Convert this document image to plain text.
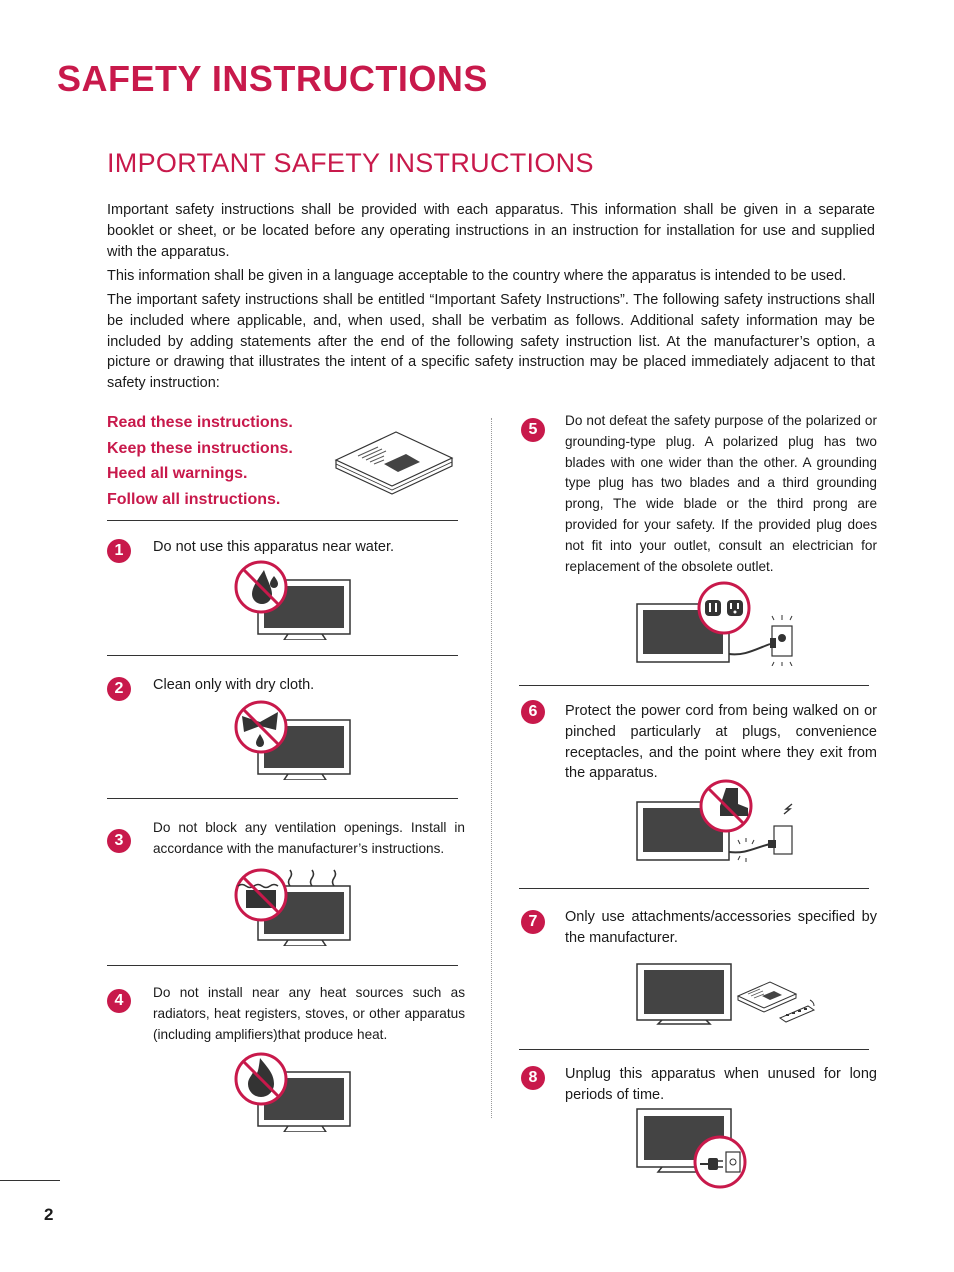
SAFETY INSTRUCTIONS
IMPORTANT SAFETY INSTRUCTIONS

Important safety instructions shall be provided with each apparatus. This information shall be given in a separate booklet or sheet, or be located before any operating instructions in an instruction for installation for use and supplied with the apparatus.

This information shall be given in a language acceptable to the country where the apparatus is intended to be used.

The important safety instructions shall be entitled “Important Safety Instructions”. The following safety instructions shall be included where applicable, and, when used, shall be verbatim as follows. Additional safety information may be included by adding statements after the end of the following safety instruction list. At the manufacturer’s option, a picture or drawing that illustrates the intent of a specific safety instruction may be placed immediately adjacent to that safety instruction:

Read these instructions.
Keep these instructions.
Heed all warnings.
Follow all instructions.
1	Do not use this apparatus near water.
2	Clean only with dry cloth.
3
Do not block any ventilation openings. Install in accordance with the manufacturer’s instructions.
4	Do not install near any heat sources such as radiators, heat registers, stoves, or other apparatus (including amplifiers)that produce heat.
5
Do not defeat the safety purpose of the polarized or grounding-type plug. A polarized plug has two blades with one wider than the other. A grounding type plug has two blades and a third grounding prong, The wide blade or the third prong are provided for your safety. If the provided plug does not fit into your outlet, consult an electrician for replacement of the obsolete outlet.
6	Protect the power cord from being walked on or pinched particularly at plugs, convenience receptacles, and the point where they exit from the apparatus.
7	Only use attachments/accessories specified by the manufacturer.
8	Unplug this apparatus when unused for long periods of time.
2
